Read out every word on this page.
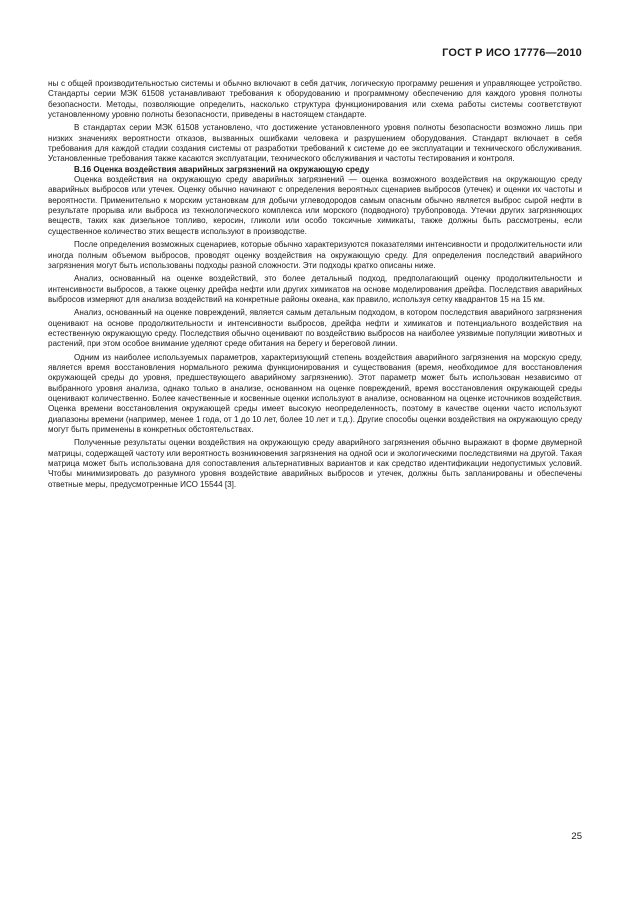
ГОСТ Р ИСО 17776—2010

ны с общей производительностью системы и обычно включают в себя датчик, логическую программу решения и управляющее устройство. Стандарты серии МЭК 61508 устанавливают требования к оборудованию и программному обеспечению для каждого уровня полноты безопасности. Методы, позволяющие определить, насколько структура функционирования или схема работы системы соответствуют установленному уровню полноты безопасности, приведены в настоящем стандарте.

В стандартах серии МЭК 61508 установлено, что достижение установленного уровня полноты безопасности возможно лишь при низких значениях вероятности отказов, вызванных ошибками человека и разрушением оборудования. Стандарт включает в себя требования для каждой стадии создания системы от разработки требований к системе до ее эксплуатации и технического обслуживания. Установленные требования также касаются эксплуатации, технического обслуживания и частоты тестирования и контроля.

В.16 Оценка воздействия аварийных загрязнений на окружающую среду

Оценка воздействия на окружающую среду аварийных загрязнений — оценка возможного воздействия на окружающую среду аварийных выбросов или утечек. Оценку обычно начинают с определения вероятных сценариев выбросов (утечек) и оценки их частоты и вероятности. Применительно к морским установкам для добычи углеводородов самым опасным обычно является выброс сырой нефти в результате прорыва или выброса из технологического комплекса или морского (подводного) трубопровода. Утечки других загрязняющих веществ, таких как дизельное топливо, керосин, гликоли или особо токсичные химикаты, также должны быть рассмотрены, если существенное количество этих веществ используют в производстве.

После определения возможных сценариев, которые обычно характеризуются показателями интенсивности и продолжительности или иногда полным объемом выбросов, проводят оценку воздействия на окружающую среду. Для определения последствий аварийного загрязнения могут быть использованы подходы разной сложности. Эти подходы кратко описаны ниже.

Анализ, основанный на оценке воздействий, это более детальный подход, предполагающий оценку продолжительности и интенсивности выбросов, а также оценку дрейфа нефти или других химикатов на основе моделирования дрейфа. Последствия аварийных выбросов измеряют для анализа воздействий на конкретные районы океана, как правило, используя сетку квадрантов 15 на 15 км.

Анализ, основанный на оценке повреждений, является самым детальным подходом, в котором последствия аварийного загрязнения оценивают на основе продолжительности и интенсивности выбросов, дрейфа нефти и химикатов и потенциального воздействия на естественную окружающую среду. Последствия обычно оценивают по воздействию выбросов на наиболее уязвимые популяции животных и растений, при этом особое внимание уделяют среде обитания на берегу и береговой линии.

Одним из наиболее используемых параметров, характеризующий степень воздействия аварийного загрязнения на морскую среду, является время восстановления нормального режима функционирования и существования (время, необходимое для восстановления окружающей среды до уровня, предшествующего аварийному загрязнению). Этот параметр может быть использован независимо от выбранного уровня анализа, однако только в анализе, основанном на оценке повреждений, время восстановления окружающей среды оценивают количественно. Более качественные и косвенные оценки используют в анализе, основанном на оценке источников воздействия. Оценка времени восстановления окружающей среды имеет высокую неопределенность, поэтому в качестве оценки часто используют диапазоны времени (например, менее 1 года, от 1 до 10 лет, более 10 лет и т.д.). Другие способы оценки воздействия на окружающую среду могут быть применены в конкретных обстоятельствах.

Полученные результаты оценки воздействия на окружающую среду аварийного загрязнения обычно выражают в форме двумерной матрицы, содержащей частоту или вероятность возникновения загрязнения на одной оси и экологическими последствиями на другой. Такая матрица может быть использована для сопоставления альтернативных вариантов и как средство идентификации недопустимых условий. Чтобы минимизировать до разумного уровня воздействие аварийных выбросов и утечек, должны быть запланированы и обеспечены ответные меры, предусмотренные ИСО 15544 [3].

25
